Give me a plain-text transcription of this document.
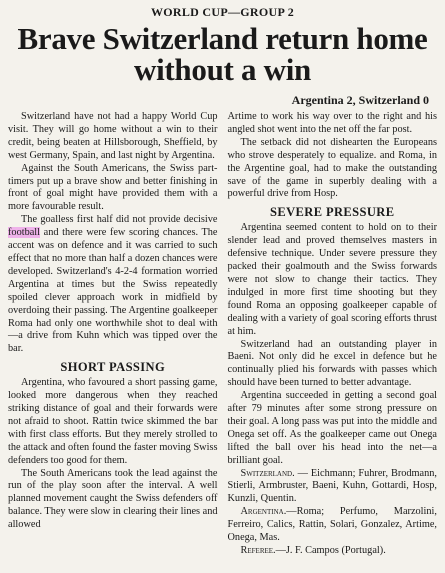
WORLD CUP—GROUP 2
Brave Switzerland return home
without a win
Argentina 2, Switzerland 0

Switzerland have not had a happy World Cup visit. They will go home without a win to their credit, being beaten at Hillsborough, Sheffield, by west Germany, Spain, and last night by Argentina.

Against the South Americans, the Swiss part-timers put up a brave show and better finishing in front of goal might have provided them with a more favourable result.

The goalless first half did not provide decisive football and there were few scoring chances. The accent was on defence and it was carried to such effect that no more than half a dozen chances were developed. Switzerland's 4-2-4 formation worried Argentina at times but the Swiss repeatedly spoiled clever approach work in midfield by overdoing their passing. The Argentine goalkeeper Roma had only one worthwhile shot to deal with—a drive from Kuhn which was tipped over the bar.

SHORT PASSING

Argentina, who favoured a short passing game, looked more dangerous when they reached striking distance of goal and their forwards were not afraid to shoot. Rattin twice skimmed the bar with first class efforts. But they merely strolled to the attack and often found the faster moving Swiss defenders too good for them.

The South Americans took the lead against the run of the play soon after the interval. A well planned movement caught the Swiss defenders off balance. They were slow in clearing their lines and allowed

Artime to work his way over to the right and his angled shot went into the net off the far post.

The setback did not dishearten the Europeans who strove desperately to equalize. and Roma, in the Argentine goal, had to make the outstanding save of the game in superbly dealing with a powerful drive from Hosp.

SEVERE PRESSURE

Argentina seemed content to hold on to their slender lead and proved themselves masters in defensive technique. Under severe pressure they packed their goalmouth and the Swiss forwards were not slow to change their tactics. They indulged in more first time shooting but they found Roma an opposing goalkeeper capable of dealing with a variety of goal scoring efforts thrust at him.

Switzerland had an outstanding player in Baeni. Not only did he excel in defence but he continually plied his forwards with passes which should have been turned to better advantage.

Argentina succeeded in getting a second goal after 79 minutes after some strong pressure on their goal. A long pass was put into the middle and Onega set off. As the goalkeeper came out Onega lifted the ball over his head into the net—a brilliant goal.

Switzerland. — Eichmann; Fuhrer, Brodmann, Stierli, Armbruster, Baeni, Kuhn, Gottardi, Hosp, Kunzli, Quentin.

Argentina.—Roma; Perfumo, Marzolini, Ferreiro, Calics, Rattin, Solari, Gonzalez, Artime, Onega, Mas.

Referee.—J. F. Campos (Portugal).
